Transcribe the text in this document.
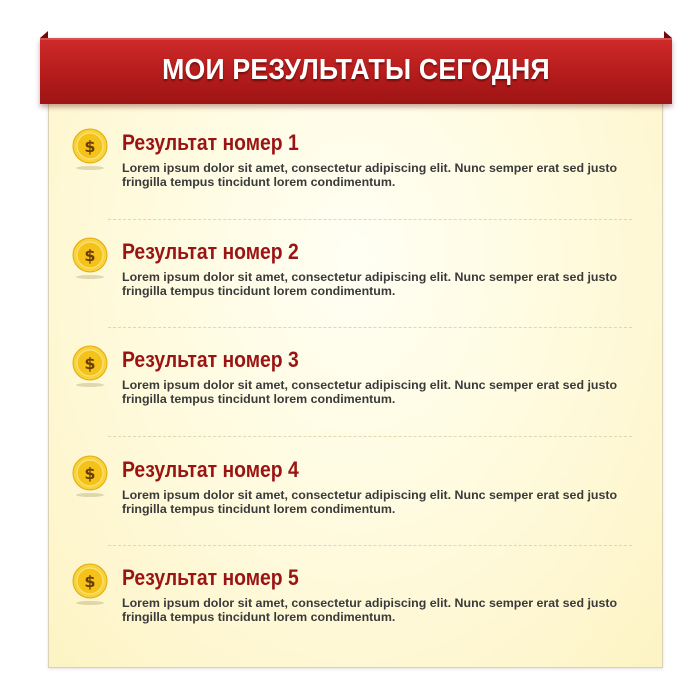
МОИ РЕЗУЛЬТАТЫ СЕГОДНЯ
$ Результат номер 1
Lorem ipsum dolor sit amet, consectetur adipiscing elit. Nunc semper erat sed justo fringilla tempus tincidunt lorem condimentum.
$ Результат номер 2
Lorem ipsum dolor sit amet, consectetur adipiscing elit. Nunc semper erat sed justo fringilla tempus tincidunt lorem condimentum.
$ Результат номер 3
Lorem ipsum dolor sit amet, consectetur adipiscing elit. Nunc semper erat sed justo fringilla tempus tincidunt lorem condimentum.
$ Результат номер 4
Lorem ipsum dolor sit amet, consectetur adipiscing elit. Nunc semper erat sed justo fringilla tempus tincidunt lorem condimentum.
$ Результат номер 5
Lorem ipsum dolor sit amet, consectetur adipiscing elit. Nunc semper erat sed justo fringilla tempus tincidunt lorem condimentum.
